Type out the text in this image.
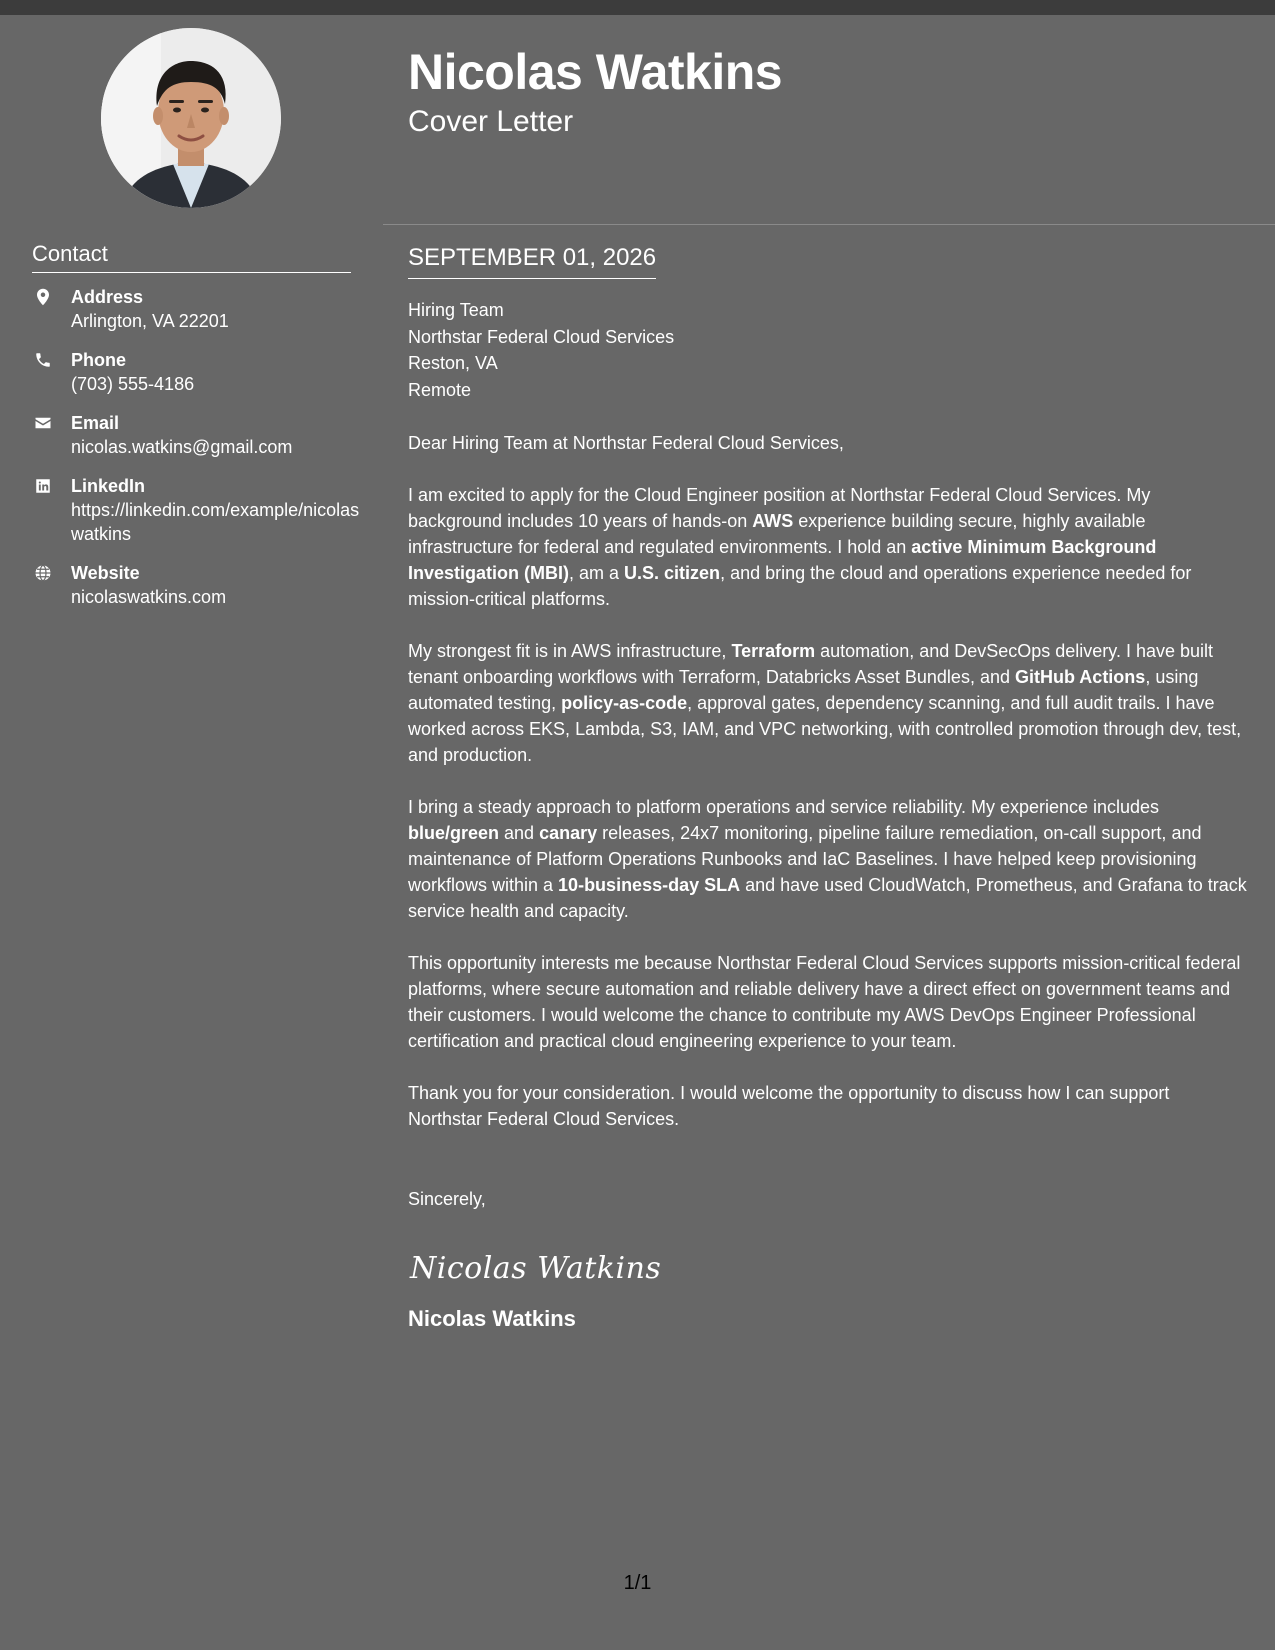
Contact
Address
Arlington, VA 22201
Phone
(703) 555-4186
Email
nicolas.watkins@gmail.com
LinkedIn
https://linkedin.com/example/nicolaswatkins
Website
nicolaswatkins.com
Nicolas Watkins
Cover Letter
SEPTEMBER 01, 2026
Hiring Team
Northstar Federal Cloud Services
Reston, VA
Remote
Dear Hiring Team at Northstar Federal Cloud Services,
I am excited to apply for the Cloud Engineer position at Northstar Federal Cloud Services. My background includes 10 years of hands-on AWS experience building secure, highly available infrastructure for federal and regulated environments. I hold an active Minimum Background Investigation (MBI), am a U.S. citizen, and bring the cloud and operations experience needed for mission-critical platforms.
My strongest fit is in AWS infrastructure, Terraform automation, and DevSecOps delivery. I have built tenant onboarding workflows with Terraform, Databricks Asset Bundles, and GitHub Actions, using automated testing, policy-as-code, approval gates, dependency scanning, and full audit trails. I have worked across EKS, Lambda, S3, IAM, and VPC networking, with controlled promotion through dev, test, and production.
I bring a steady approach to platform operations and service reliability. My experience includes blue/green and canary releases, 24x7 monitoring, pipeline failure remediation, on-call support, and maintenance of Platform Operations Runbooks and IaC Baselines. I have helped keep provisioning workflows within a 10-business-day SLA and have used CloudWatch, Prometheus, and Grafana to track service health and capacity.
This opportunity interests me because Northstar Federal Cloud Services supports mission-critical federal platforms, where secure automation and reliable delivery have a direct effect on government teams and their customers. I would welcome the chance to contribute my AWS DevOps Engineer Professional certification and practical cloud engineering experience to your team.
Thank you for your consideration. I would welcome the opportunity to discuss how I can support Northstar Federal Cloud Services.
Sincerely,
Nicolas Watkins
Nicolas Watkins
1/1
